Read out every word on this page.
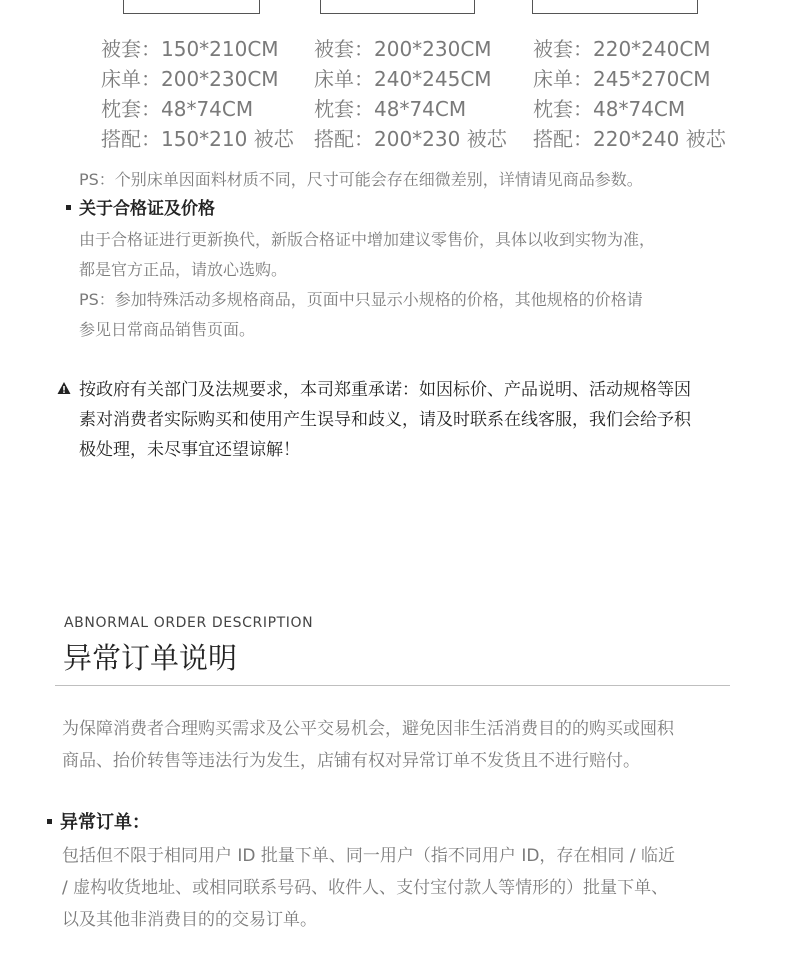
被套：150*210CM
床单：200*230CM
枕套：48*74CM
搭配：150*210 被芯
被套：200*230CM
床单：240*245CM
枕套：48*74CM
搭配：200*230 被芯
被套：220*240CM
床单：245*270CM
枕套：48*74CM
搭配：220*240 被芯
PS：个别床单因面料材质不同，尺寸可能会存在细微差别，详情请见商品参数。
关于合格证及价格
由于合格证进行更新换代，新版合格证中增加建议零售价，具体以收到实物为准，
都是官方正品，请放心选购。
PS：参加特殊活动多规格商品，页面中只显示小规格的价格，其他规格的价格请
参见日常商品销售页面。
按政府有关部门及法规要求，本司郑重承诺：如因标价、产品说明、活动规格等因
素对消费者实际购买和使用产生误导和歧义，请及时联系在线客服，我们会给予积
极处理，未尽事宜还望谅解！
ABNORMAL ORDER DESCRIPTION
异常订单说明
为保障消费者合理购买需求及公平交易机会，避免因非生活消费目的的购买或囤积
商品、抬价转售等违法行为发生，店铺有权对异常订单不发货且不进行赔付。
异常订单：
包括但不限于相同用户 ID 批量下单、同一用户（指不同用户 ID，存在相同 / 临近
/ 虚构收货地址、或相同联系号码、收件人、支付宝付款人等情形的）批量下单、
以及其他非消费目的的交易订单。
